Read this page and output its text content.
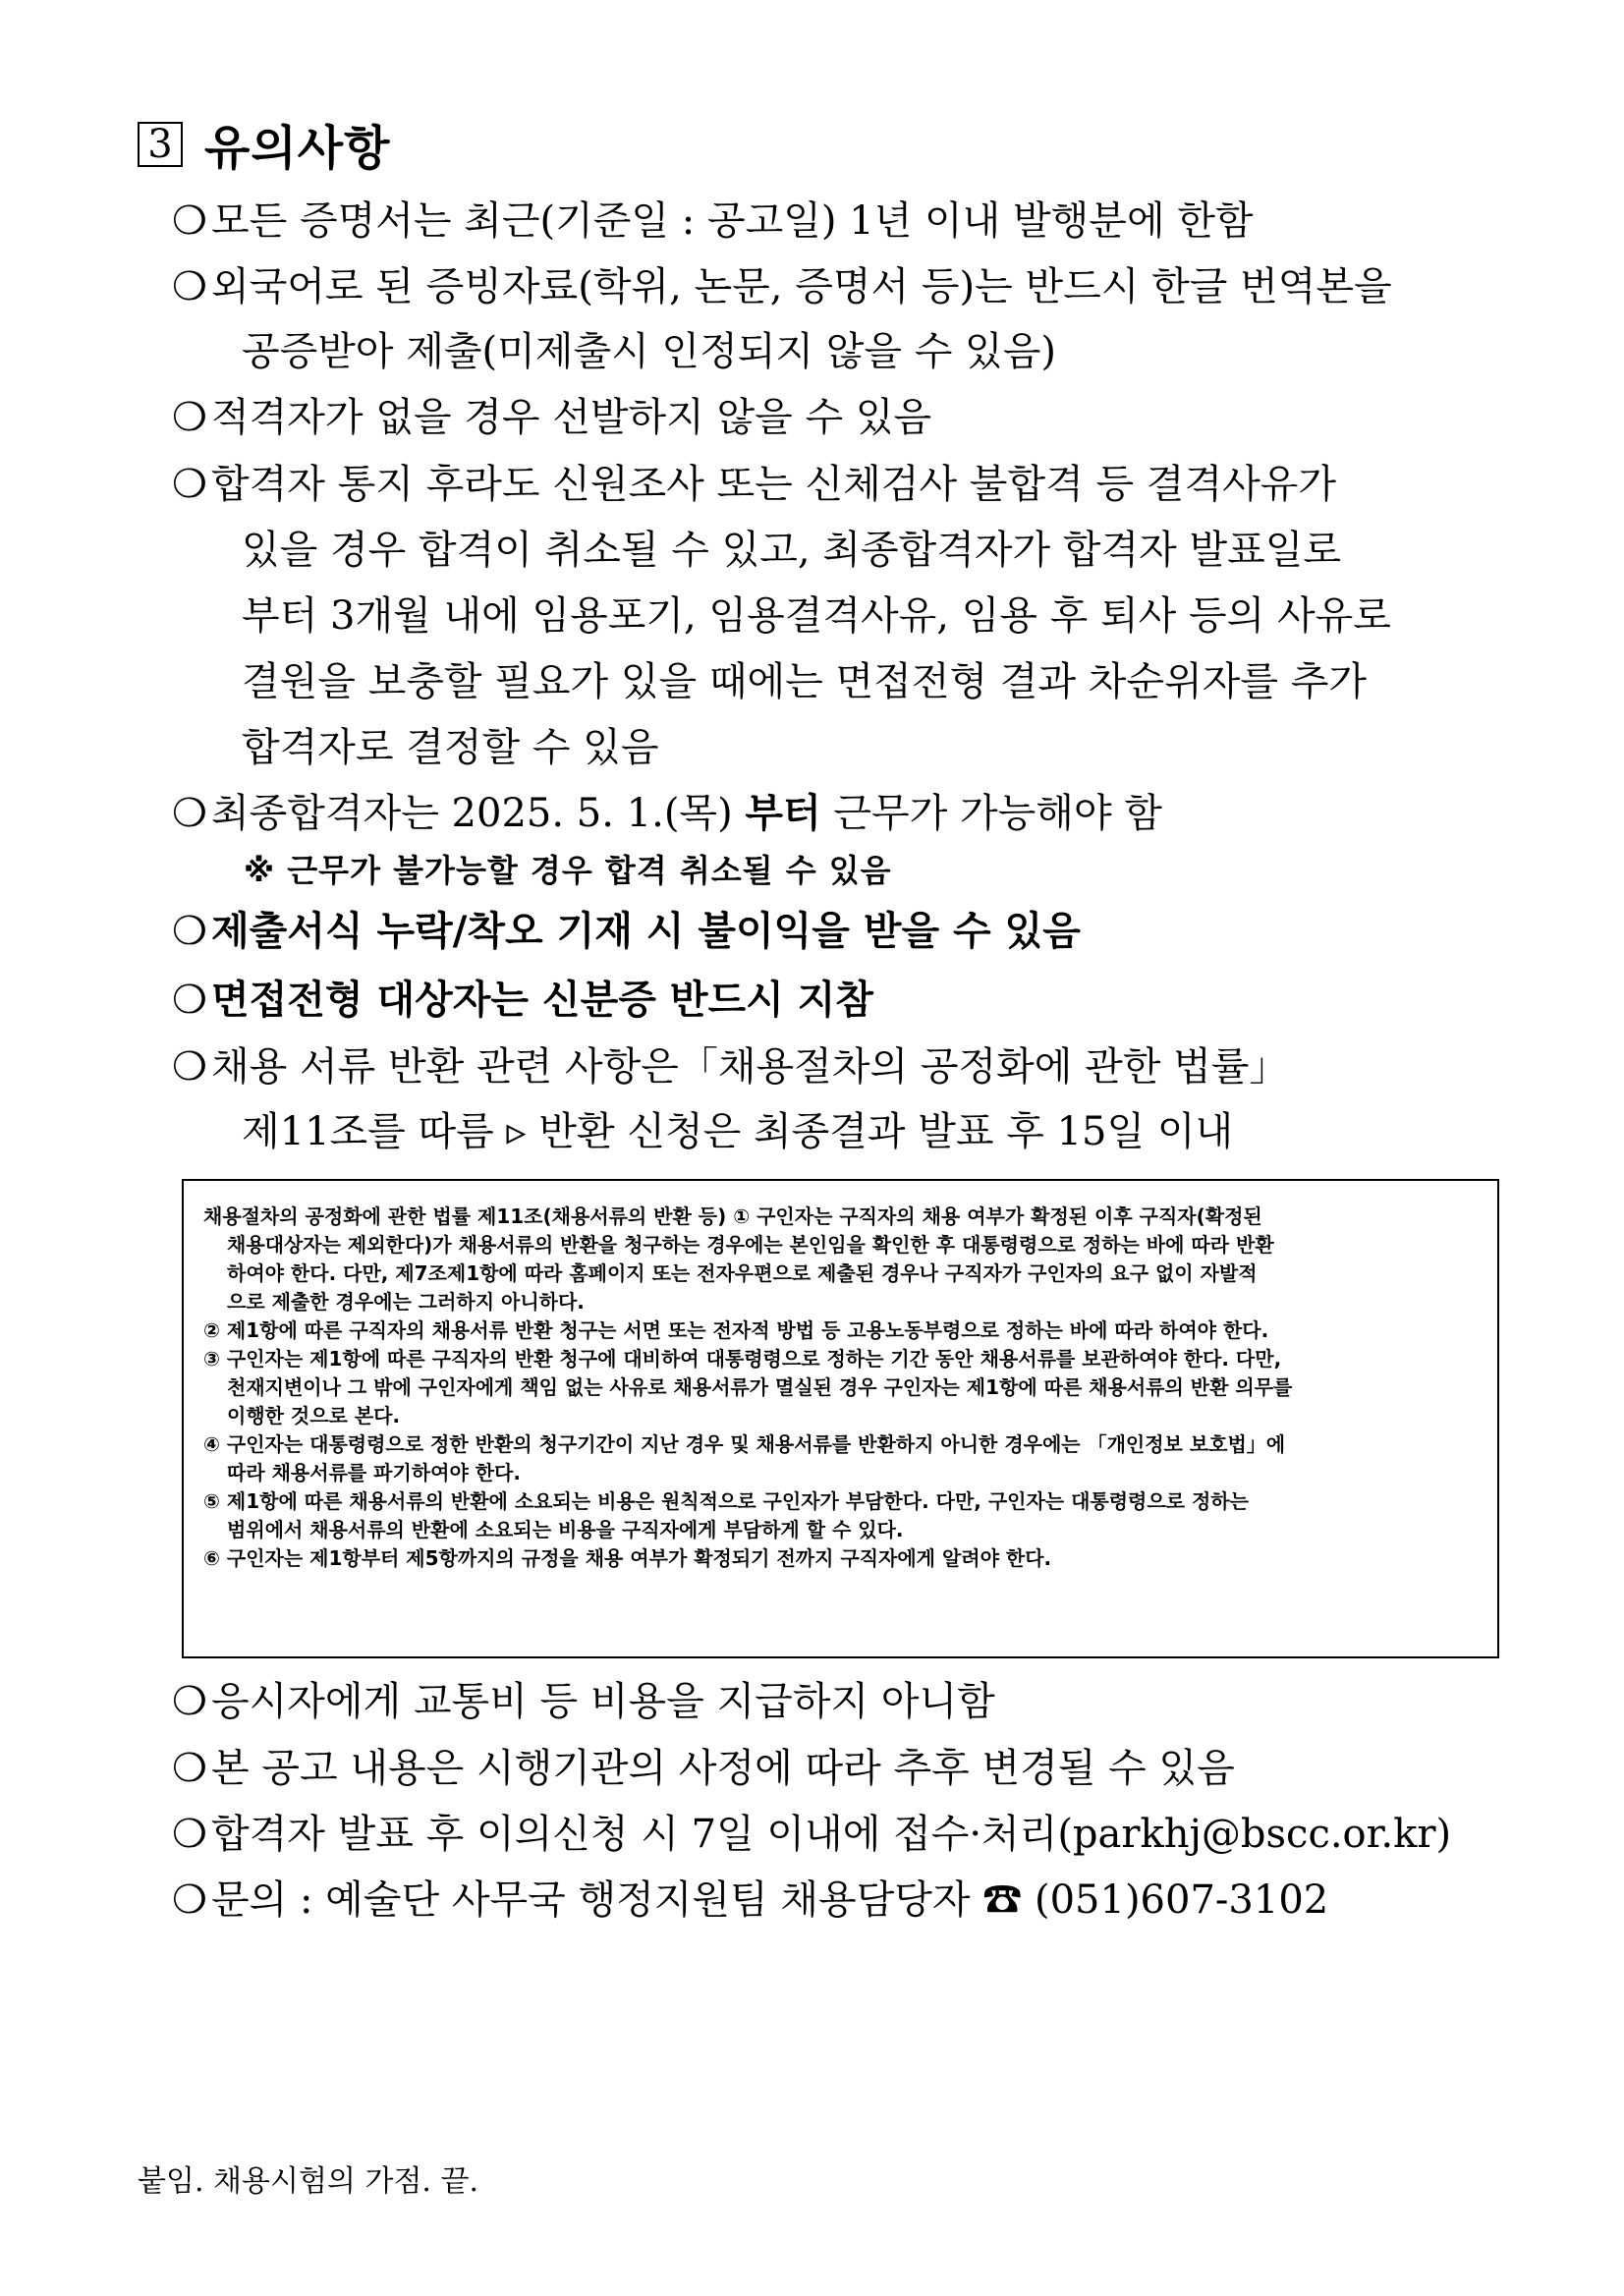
3 유의사항
❍ 모든 증명서는 최근(기준일 : 공고일) 1년 이내 발행분에 한함
❍ 외국어로 된 증빙자료(학위, 논문, 증명서 등)는 반드시 한글 번역본을
공증받아 제출(미제출시 인정되지 않을 수 있음)
❍ 적격자가 없을 경우 선발하지 않을 수 있음
❍ 합격자 통지 후라도 신원조사 또는 신체검사 불합격 등 결격사유가
있을 경우 합격이 취소될 수 있고, 최종합격자가 합격자 발표일로
부터 3개월 내에 임용포기, 임용결격사유, 임용 후 퇴사 등의 사유로
결원을 보충할 필요가 있을 때에는 면접전형 결과 차순위자를 추가
합격자로 결정할 수 있음
❍ 최종합격자는 2025. 5. 1.(목) 부터 근무가 가능해야 함
※ 근무가 불가능할 경우 합격 취소될 수 있음
❍ 제출서식 누락/착오 기재 시 불이익을 받을 수 있음
❍ 면접전형 대상자는 신분증 반드시 지참
❍ 채용 서류 반환 관련 사항은「채용절차의 공정화에 관한 법률」
제11조를 따름 ▹ 반환 신청은 최종결과 발표 후 15일 이내

채용절차의 공정화에 관한 법률 제11조(채용서류의 반환 등) ① 구인자는 구직자의 채용 여부가 확정된 이후 구직자(확정된

채용대상자는 제외한다)가 채용서류의 반환을 청구하는 경우에는 본인임을 확인한 후 대통령령으로 정하는 바에 따라 반환

하여야 한다. 다만, 제7조제1항에 따라 홈페이지 또는 전자우편으로 제출된 경우나 구직자가 구인자의 요구 없이 자발적

으로 제출한 경우에는 그러하지 아니하다.

② 제1항에 따른 구직자의 채용서류 반환 청구는 서면 또는 전자적 방법 등 고용노동부령으로 정하는 바에 따라 하여야 한다.

③ 구인자는 제1항에 따른 구직자의 반환 청구에 대비하여 대통령령으로 정하는 기간 동안 채용서류를 보관하여야 한다. 다만,

천재지변이나 그 밖에 구인자에게 책임 없는 사유로 채용서류가 멸실된 경우 구인자는 제1항에 따른 채용서류의 반환 의무를

이행한 것으로 본다.

④ 구인자는 대통령령으로 정한 반환의 청구기간이 지난 경우 및 채용서류를 반환하지 아니한 경우에는 「개인정보 보호법」에

따라 채용서류를 파기하여야 한다.

⑤ 제1항에 따른 채용서류의 반환에 소요되는 비용은 원칙적으로 구인자가 부담한다. 다만, 구인자는 대통령령으로 정하는

범위에서 채용서류의 반환에 소요되는 비용을 구직자에게 부담하게 할 수 있다.

⑥ 구인자는 제1항부터 제5항까지의 규정을 채용 여부가 확정되기 전까지 구직자에게 알려야 한다.

❍ 응시자에게 교통비 등 비용을 지급하지 아니함
❍ 본 공고 내용은 시행기관의 사정에 따라 추후 변경될 수 있음
❍ 합격자 발표 후 이의신청 시 7일 이내에 접수·처리(parkhj@bscc.or.kr)
❍ 문의 : 예술단 사무국 행정지원팀 채용담당자 ☎ (051)607-3102
붙임. 채용시험의 가점. 끝.
